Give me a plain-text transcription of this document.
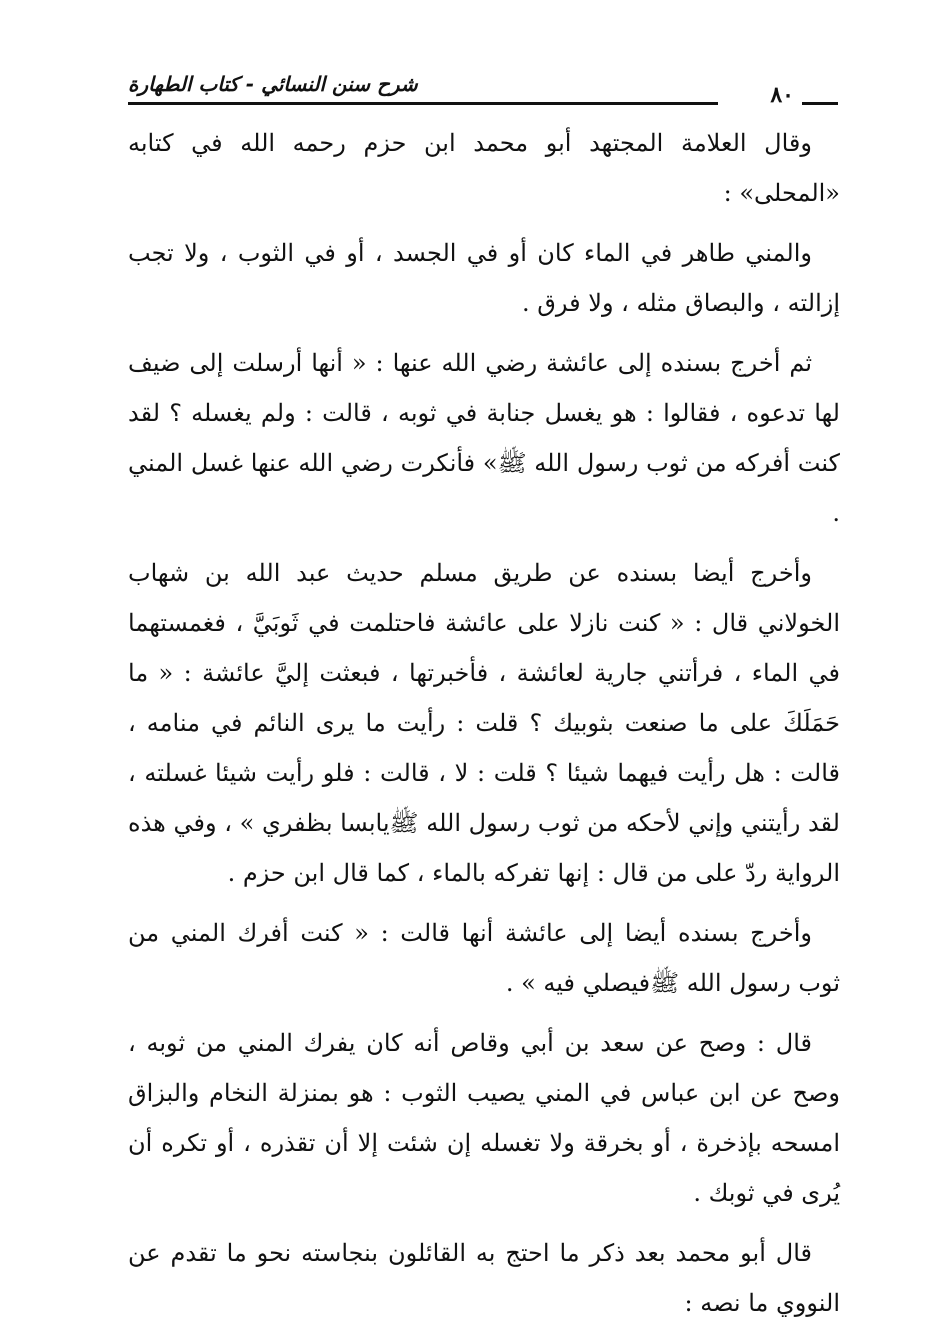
شرح سنن النسائي - كتاب الطهارة	٨٠

وقال العلامة المجتهد أبو محمد ابن حزم رحمه الله في كتابه «المحلى» :

والمني طاهر في الماء كان أو في الجسد ، أو في الثوب ، ولا تجب إزالته ، والبصاق مثله ، ولا فرق .

ثم أخرج بسنده إلى عائشة رضي الله عنها : « أنها أرسلت إلى ضيف لها تدعوه ، فقالوا : هو يغسل جنابة في ثوبه ، قالت : ولم يغسله ؟ لقد كنت أفركه من ثوب رسول الله ﷺ» فأنكرت رضي الله عنها غسل المني .

وأخرج أيضا بسنده عن طريق مسلم حديث عبد الله بن شهاب الخولاني قال : « كنت نازلا على عائشة فاحتلمت في ثَوبَيَّ ، فغمستهما في الماء ، فرأتني جارية لعائشة ، فأخبرتها ، فبعثت إليَّ عائشة : « ما حَمَلَكَ على ما صنعت بثوبيك ؟ قلت : رأيت ما يرى النائم في منامه ، قالت : هل رأيت فيهما شيئا ؟ قلت : لا ، قالت : فلو رأيت شيئا غسلته ، لقد رأيتني وإني لأحكه من ثوب رسول الله ﷺيابسا بظفري » ، وفي هذه الرواية ردّ على من قال : إنها تفركه بالماء ، كما قال ابن حزم .

وأخرج بسنده أيضا إلى عائشة أنها قالت : « كنت أفرك المني من ثوب رسول الله ﷺفيصلي فيه » .

قال : وصح عن سعد بن أبي وقاص أنه كان يفرك المني من ثوبه ، وصح عن ابن عباس في المني يصيب الثوب : هو بمنزلة النخام والبزاق امسحه بإذخرة ، أو بخرقة ولا تغسله إن شئت إلا أن تقذره ، أو تكره أن يُرى في ثوبك .

قال أبو محمد بعد ذكر ما احتج به القائلون بنجاسته نحو ما تقدم عن النووي ما نصه :
